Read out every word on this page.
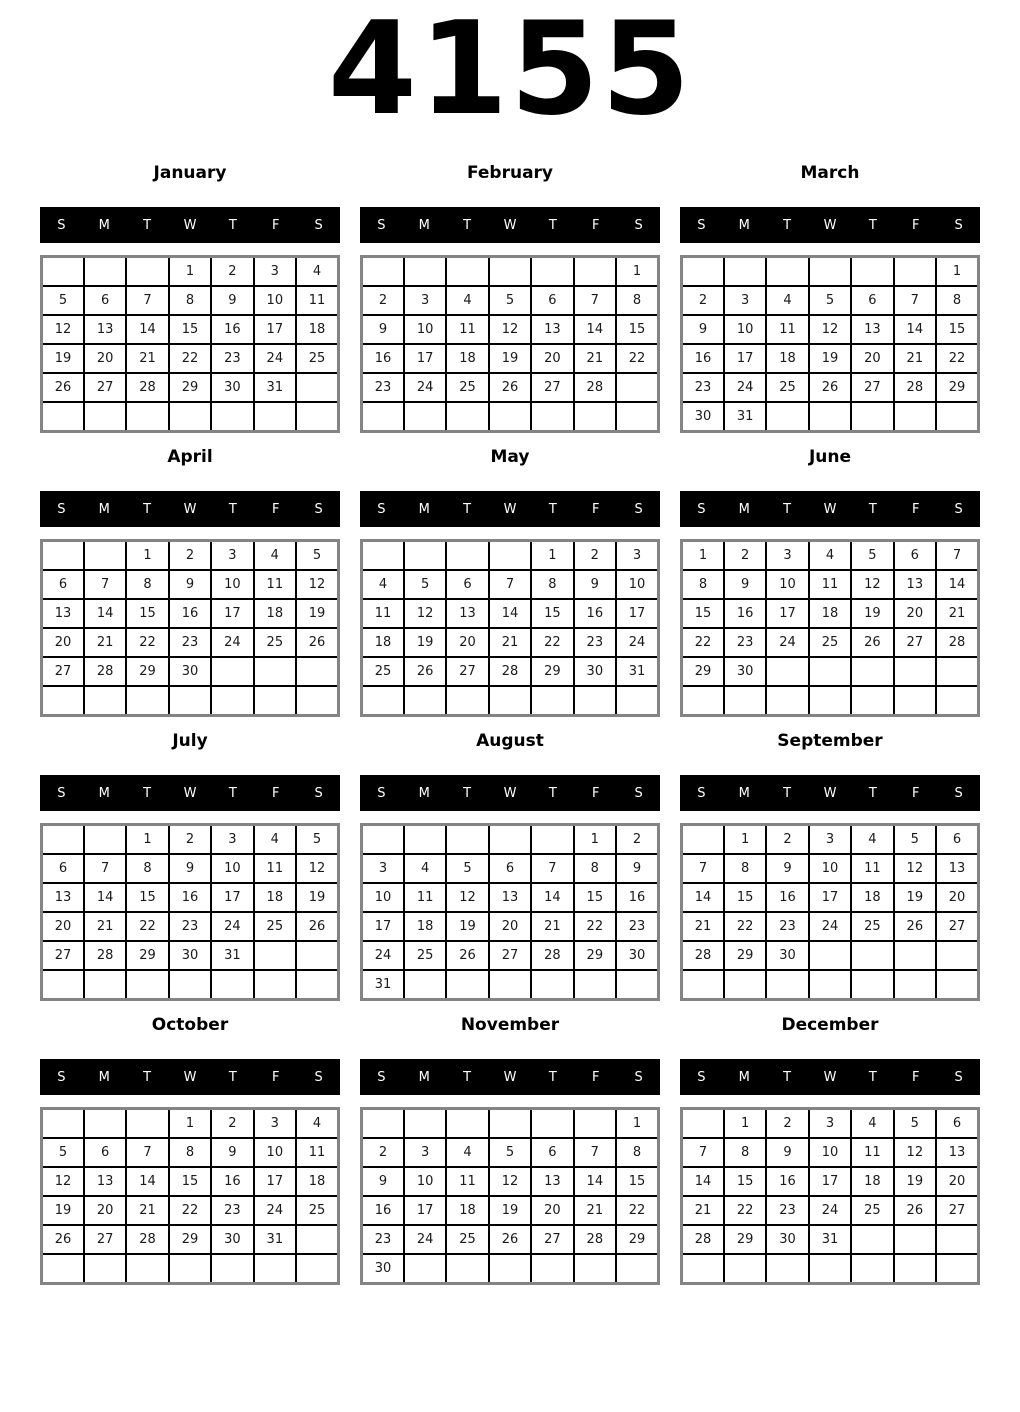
4155
January
S	M	T	W	T	F	S
			1	2	3	4
5	6	7	8	9	10	11
12	13	14	15	16	17	18
19	20	21	22	23	24	25
26	27	28	29	30	31	

February
S	M	T	W	T	F	S
						1
2	3	4	5	6	7	8
9	10	11	12	13	14	15
16	17	18	19	20	21	22
23	24	25	26	27	28	

March
S	M	T	W	T	F	S
						1
2	3	4	5	6	7	8
9	10	11	12	13	14	15
16	17	18	19	20	21	22
23	24	25	26	27	28	29
30	31					
April
S	M	T	W	T	F	S
		1	2	3	4	5
6	7	8	9	10	11	12
13	14	15	16	17	18	19
20	21	22	23	24	25	26
27	28	29	30			

May
S	M	T	W	T	F	S
				1	2	3
4	5	6	7	8	9	10
11	12	13	14	15	16	17
18	19	20	21	22	23	24
25	26	27	28	29	30	31

June
S	M	T	W	T	F	S
1	2	3	4	5	6	7
8	9	10	11	12	13	14
15	16	17	18	19	20	21
22	23	24	25	26	27	28
29	30					

July
S	M	T	W	T	F	S
		1	2	3	4	5
6	7	8	9	10	11	12
13	14	15	16	17	18	19
20	21	22	23	24	25	26
27	28	29	30	31		

August
S	M	T	W	T	F	S
					1	2
3	4	5	6	7	8	9
10	11	12	13	14	15	16
17	18	19	20	21	22	23
24	25	26	27	28	29	30
31						
September
S	M	T	W	T	F	S
	1	2	3	4	5	6
7	8	9	10	11	12	13
14	15	16	17	18	19	20
21	22	23	24	25	26	27
28	29	30				

October
S	M	T	W	T	F	S
			1	2	3	4
5	6	7	8	9	10	11
12	13	14	15	16	17	18
19	20	21	22	23	24	25
26	27	28	29	30	31	

November
S	M	T	W	T	F	S
						1
2	3	4	5	6	7	8
9	10	11	12	13	14	15
16	17	18	19	20	21	22
23	24	25	26	27	28	29
30						
December
S	M	T	W	T	F	S
	1	2	3	4	5	6
7	8	9	10	11	12	13
14	15	16	17	18	19	20
21	22	23	24	25	26	27
28	29	30	31			
